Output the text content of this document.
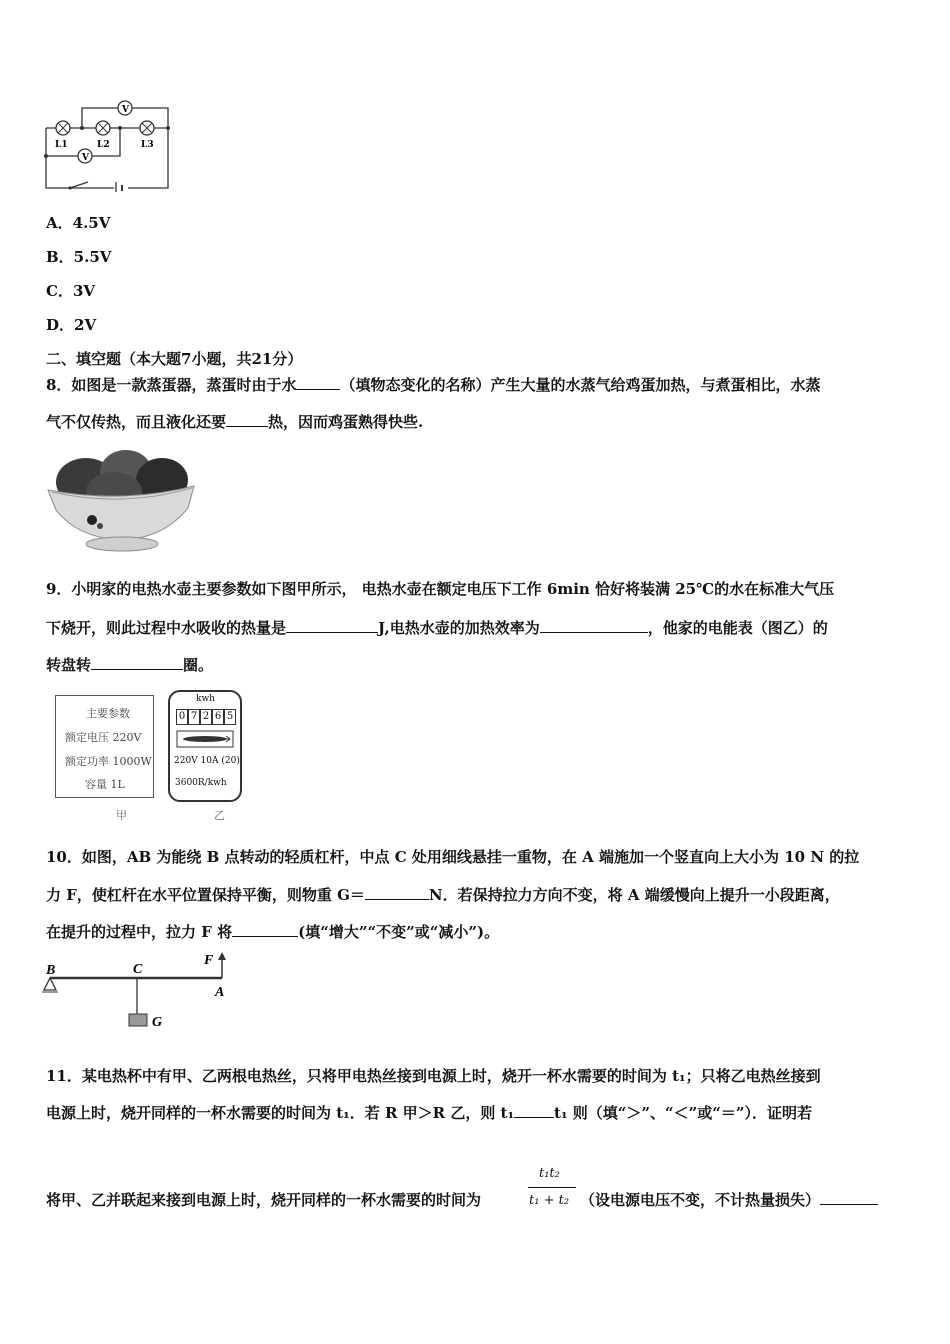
V
L1	L2	L3
V
A．4.5V
B．5.5V
C．3V
D．2V
二、填空题（本大题7小题，共21分）
8．如图是一款蒸蛋器，蒸蛋时由于水	（填物态变化的名称）产生大量的水蒸气给鸡蛋加热，与煮蛋相比，水蒸
气不仅传热，而且液化还要	热，因而鸡蛋熟得快些.
9．小明家的电热水壶主要参数如下图甲所示， 电热水壶在额定电压下工作 6min 恰好将装满 25℃的水在标准大气压
下烧开，则此过程中水吸收的热量是	J,电热水壶的加热效率为	，他家的电能表（图乙）的
转盘转	圈。
主要参数
额定电压 220V
额定功率 1000W
容量 1L
甲
kwh
0 7 2 6 5
220V 10A (20)
3600R/kwh
乙
10．如图，AB 为能绕 B 点转动的轻质杠杆，中点 C 处用细线悬挂一重物，在 A 端施加一个竖直向上大小为 10 N 的拉
力 F，使杠杆在水平位置保持平衡，则物重 G＝	N．若保持拉力方向不变，将 A 端缓慢向上提升一小段距离，
在提升的过程中，拉力 F 将	(填“增大”“不变”或“减小”)。
B	C
F
A
G
11．某电热杯中有甲、乙两根电热丝，只将甲电热丝接到电源上时，烧开一杯水需要的时间为 t₁；只将乙电热丝接到
电源上时，烧开同样的一杯水需要的时间为 t₁．若 R 甲＞R 乙，则 t₁	t₁ 则（填“＞”、“＜”或“＝”）．证明若
将甲、乙并联起来接到电源上时，烧开同样的一杯水需要的时间为
t₁t₂
t₁ + t₂ （设电源电压不变，不计热量损失）
